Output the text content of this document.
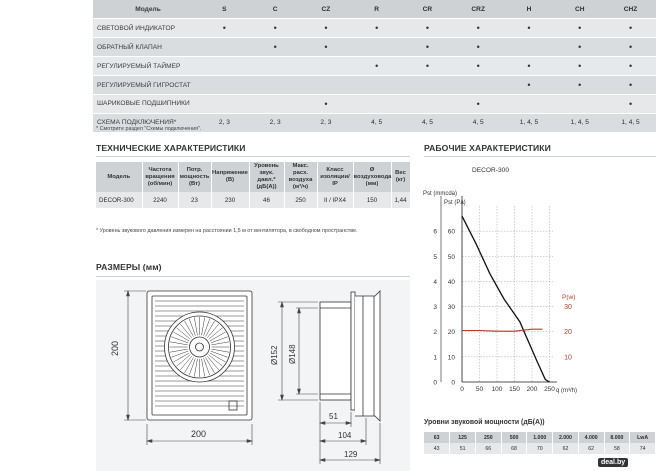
Модель	S	C	CZ	R	CR	CRZ	H	CH	CHZ
СВЕТОВОЙ ИНДИКАТОР	•	•	•	•	•	•	•	•	•
ОБРАТНЫЙ КЛАПАН		•	•		•	•		•	•
РЕГУЛИРУЕМЫЙ ТАЙМЕР				•	•	•	•	•	•
РЕГУЛИРУЕМЫЙ ГИГРОСТАТ							•	•	•
ШАРИКОВЫЕ ПОДШИПНИКИ			•			•			•
СХЕМА ПОДКЛЮЧЕНИЯ*	2, 3	2, 3	2, 3	4, 5	4, 5	4, 5	1, 4, 5	1, 4, 5	1, 4, 5
* Смотрите раздел "Схемы подключения".
ТЕХНИЧЕСКИЕ ХАРАКТЕРИСТИКИ
Модель	Частота вращения (об/мин)	Потр. мощность (Вт)	Напряжение (В)	Уровень звук. давл.* (дБ(А))	Макс. расх. воздуха (м³/ч)	Класс изоляции/ IP	Ø воздуховода (мм)	Вес (кг)
DECOR-300	2240	23	230	46	250	II / IPX4	150	1,44
* Уровень звукового давления измерен на расстоянии 1,5 м от вентилятора, в свободном пространстве.
РАЗМЕРЫ (мм)
200
200
Ø152 Ø148
51
104
129
0
10
20
30
40
50
60
0
1
2
3
4
5
6
0 50 100 150 200 250
10
20
30
Pst (mmcda)
Pst (Pa)
P(w)
q (m³/h)
РАБОЧИЕ ХАРАКТЕРИСТИКИ
DECOR-300
Уровни звуковой мощности (дБ(А))
63	125	250	500	1.000	2.000	4.000	8.000	LwA
43	51	66	68	70	62	62	58	74
deal.by
